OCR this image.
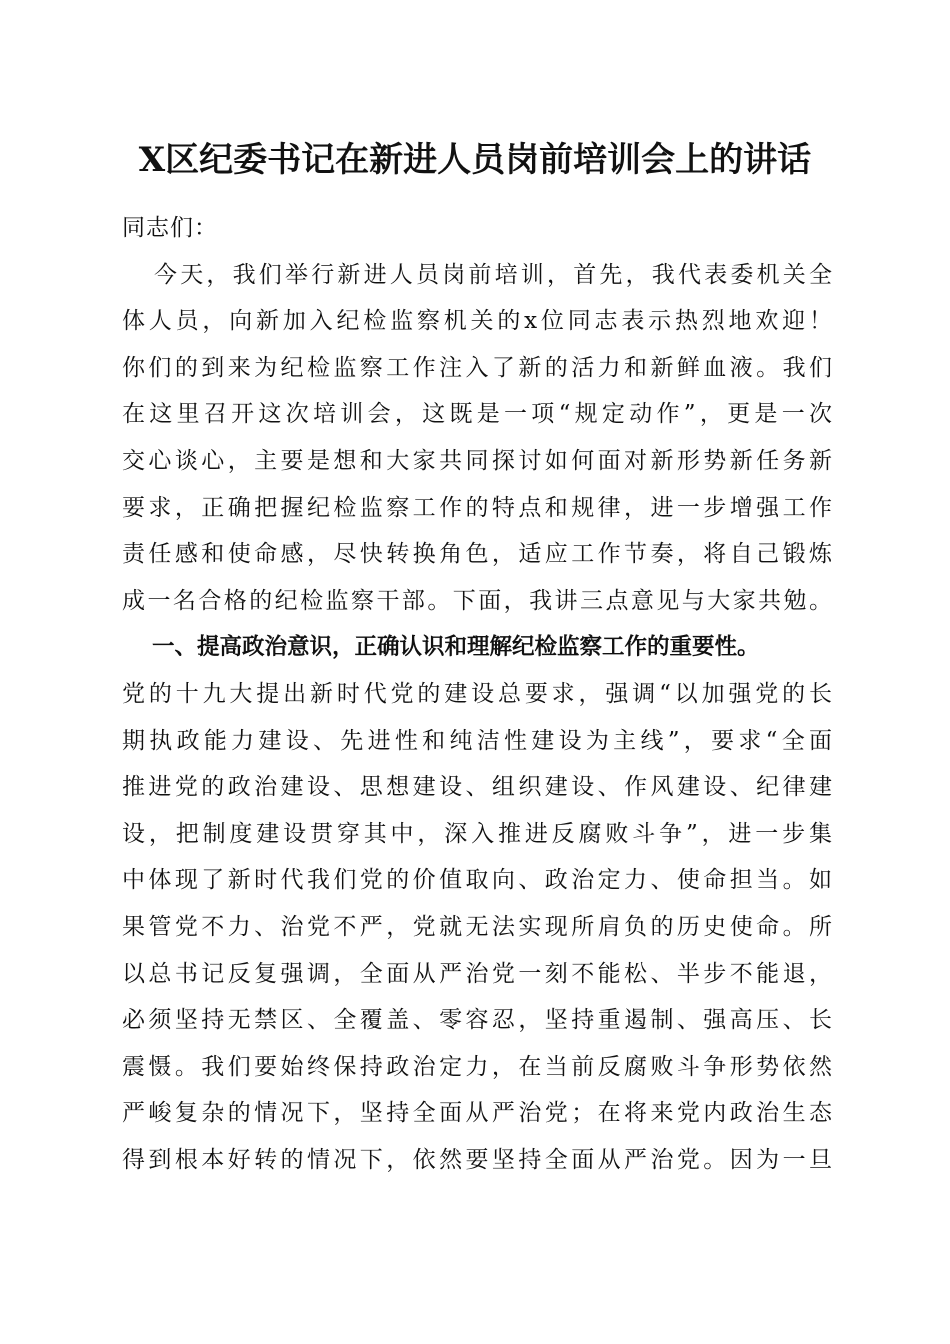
X区纪委书记在新进人员岗前培训会上的讲话
同志们：
今天，我们举行新进人员岗前培训，首先，我代表委机关全
体人员，向新加入纪检监察机关的x位同志表示热烈地欢迎！
你们的到来为纪检监察工作注入了新的活力和新鲜血液。我们
在这里召开这次培训会，这既是一项“规定动作”，更是一次
交心谈心，主要是想和大家共同探讨如何面对新形势新任务新
要求，正确把握纪检监察工作的特点和规律，进一步增强工作
责任感和使命感，尽快转换角色，适应工作节奏，将自己锻炼
成一名合格的纪检监察干部。下面，我讲三点意见与大家共勉。
一、提高政治意识，正确认识和理解纪检监察工作的重要性。
党的十九大提出新时代党的建设总要求，强调“以加强党的长
期执政能力建设、先进性和纯洁性建设为主线”，要求“全面
推进党的政治建设、思想建设、组织建设、作风建设、纪律建
设，把制度建设贯穿其中，深入推进反腐败斗争”，进一步集
中体现了新时代我们党的价值取向、政治定力、使命担当。如
果管党不力、治党不严，党就无法实现所肩负的历史使命。所
以总书记反复强调，全面从严治党一刻不能松、半步不能退，
必须坚持无禁区、全覆盖、零容忍，坚持重遏制、强高压、长
震慑。我们要始终保持政治定力，在当前反腐败斗争形势依然
严峻复杂的情况下，坚持全面从严治党；在将来党内政治生态
得到根本好转的情况下，依然要坚持全面从严治党。因为一旦
